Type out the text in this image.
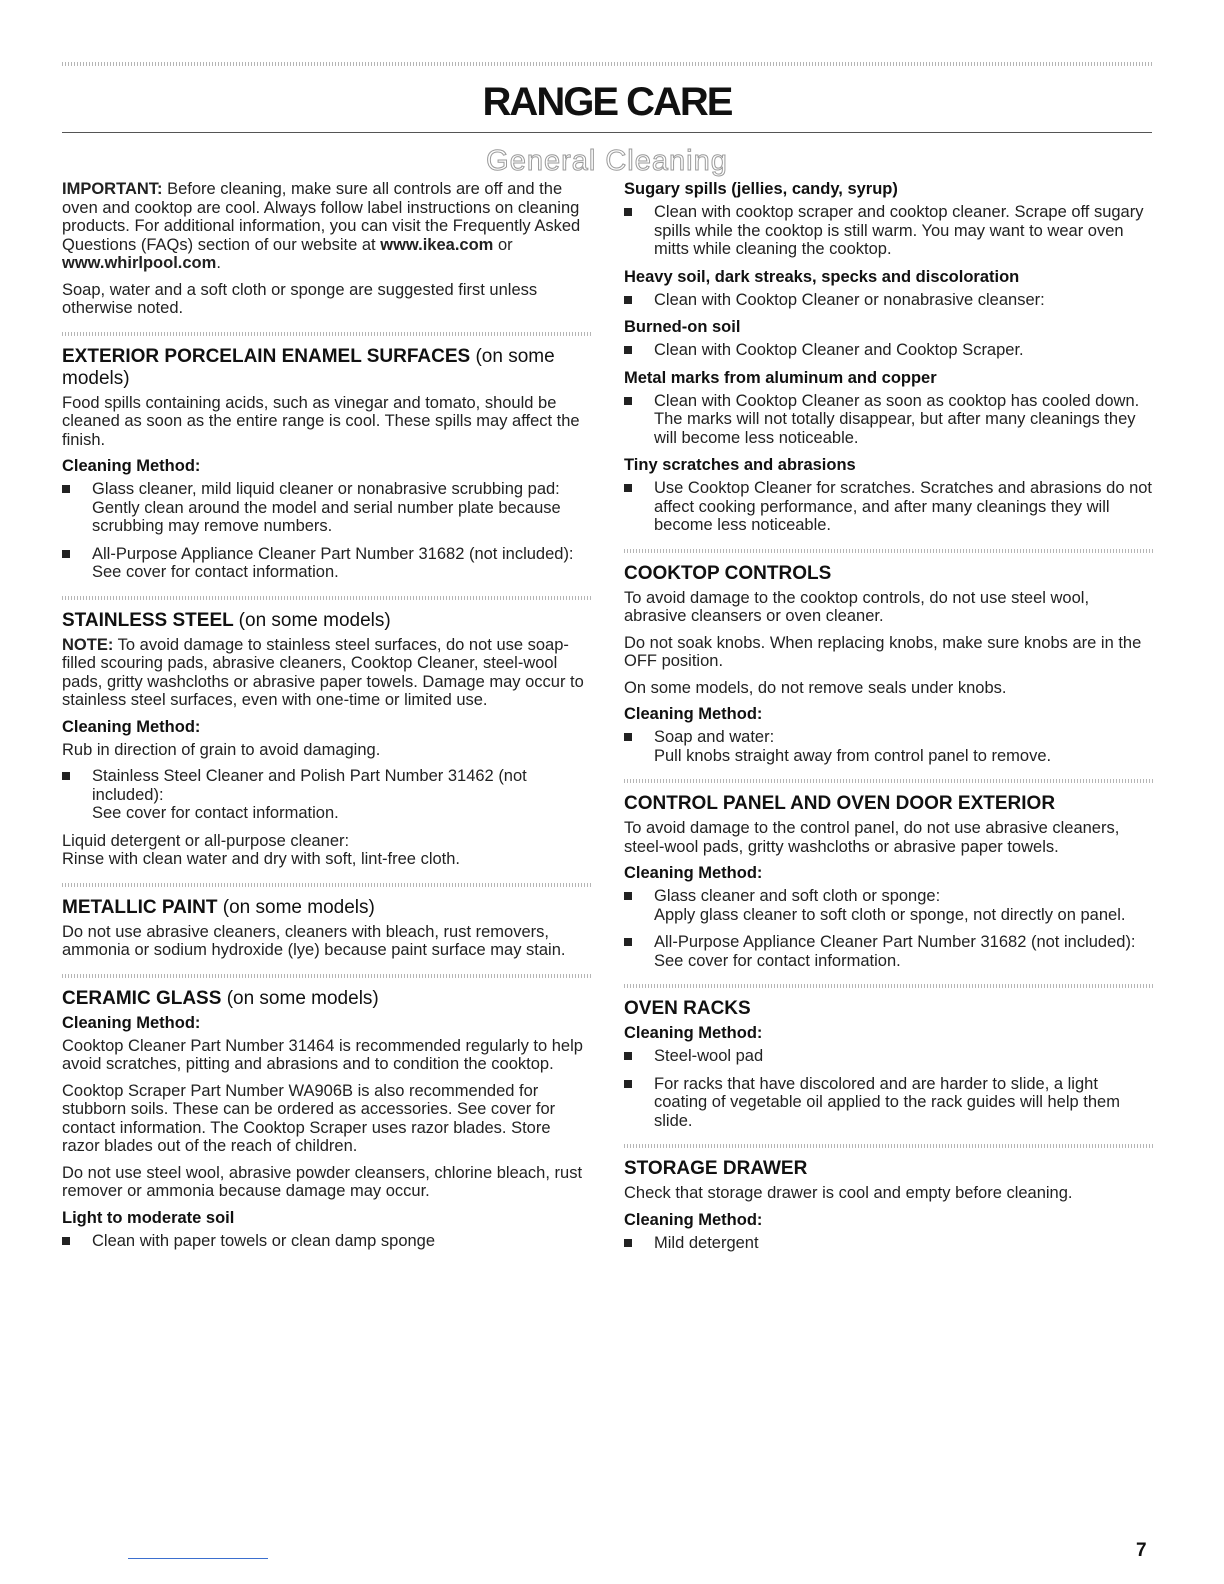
RANGE CARE
General Cleaning

IMPORTANT: Before cleaning, make sure all controls are off and the oven and cooktop are cool. Always follow label instructions on cleaning products. For additional information, you can visit the Frequently Asked Questions (FAQs) section of our website at www.ikea.com or www.whirlpool.com.

Soap, water and a soft cloth or sponge are suggested first unless otherwise noted.

EXTERIOR PORCELAIN ENAMEL SURFACES (on some models)

Food spills containing acids, such as vinegar and tomato, should be cleaned as soon as the entire range is cool. These spills may affect the finish.

Cleaning Method:
Glass cleaner, mild liquid cleaner or nonabrasive scrubbing pad:
Gently clean around the model and serial number plate because scrubbing may remove numbers.
All-Purpose Appliance Cleaner Part Number 31682 (not included):
See cover for contact information.
STAINLESS STEEL (on some models)

NOTE: To avoid damage to stainless steel surfaces, do not use soap-filled scouring pads, abrasive cleaners, Cooktop Cleaner, steel-wool pads, gritty washcloths or abrasive paper towels. Damage may occur to stainless steel surfaces, even with one-time or limited use.

Cleaning Method:

Rub in direction of grain to avoid damaging.

Stainless Steel Cleaner and Polish Part Number 31462 (not included):
See cover for contact information.

Liquid detergent or all-purpose cleaner:
Rinse with clean water and dry with soft, lint-free cloth.

METALLIC PAINT (on some models)

Do not use abrasive cleaners, cleaners with bleach, rust removers, ammonia or sodium hydroxide (lye) because paint surface may stain.

CERAMIC GLASS (on some models)
Cleaning Method:

Cooktop Cleaner Part Number 31464 is recommended regularly to help avoid scratches, pitting and abrasions and to condition the cooktop.

Cooktop Scraper Part Number WA906B is also recommended for stubborn soils. These can be ordered as accessories. See cover for contact information. The Cooktop Scraper uses razor blades. Store razor blades out of the reach of children.

Do not use steel wool, abrasive powder cleansers, chlorine bleach, rust remover or ammonia because damage may occur.

Light to moderate soil
Clean with paper towels or clean damp sponge
Sugary spills (jellies, candy, syrup)
Clean with cooktop scraper and cooktop cleaner. Scrape off sugary spills while the cooktop is still warm. You may want to wear oven mitts while cleaning the cooktop.
Heavy soil, dark streaks, specks and discoloration
Clean with Cooktop Cleaner or nonabrasive cleanser:
Burned-on soil
Clean with Cooktop Cleaner and Cooktop Scraper.
Metal marks from aluminum and copper
Clean with Cooktop Cleaner as soon as cooktop has cooled down. The marks will not totally disappear, but after many cleanings they will become less noticeable.
Tiny scratches and abrasions
Use Cooktop Cleaner for scratches. Scratches and abrasions do not affect cooking performance, and after many cleanings they will become less noticeable.
COOKTOP CONTROLS

To avoid damage to the cooktop controls, do not use steel wool, abrasive cleansers or oven cleaner.

Do not soak knobs. When replacing knobs, make sure knobs are in the OFF position.

On some models, do not remove seals under knobs.

Cleaning Method:
Soap and water:
Pull knobs straight away from control panel to remove.
CONTROL PANEL AND OVEN DOOR EXTERIOR

To avoid damage to the control panel, do not use abrasive cleaners, steel-wool pads, gritty washcloths or abrasive paper towels.

Cleaning Method:
Glass cleaner and soft cloth or sponge:
Apply glass cleaner to soft cloth or sponge, not directly on panel.
All-Purpose Appliance Cleaner Part Number 31682 (not included):
See cover for contact information.
OVEN RACKS
Cleaning Method:
Steel-wool pad
For racks that have discolored and are harder to slide, a light coating of vegetable oil applied to the rack guides will help them slide.
STORAGE DRAWER

Check that storage drawer is cool and empty before cleaning.

Cleaning Method:
Mild detergent
7
